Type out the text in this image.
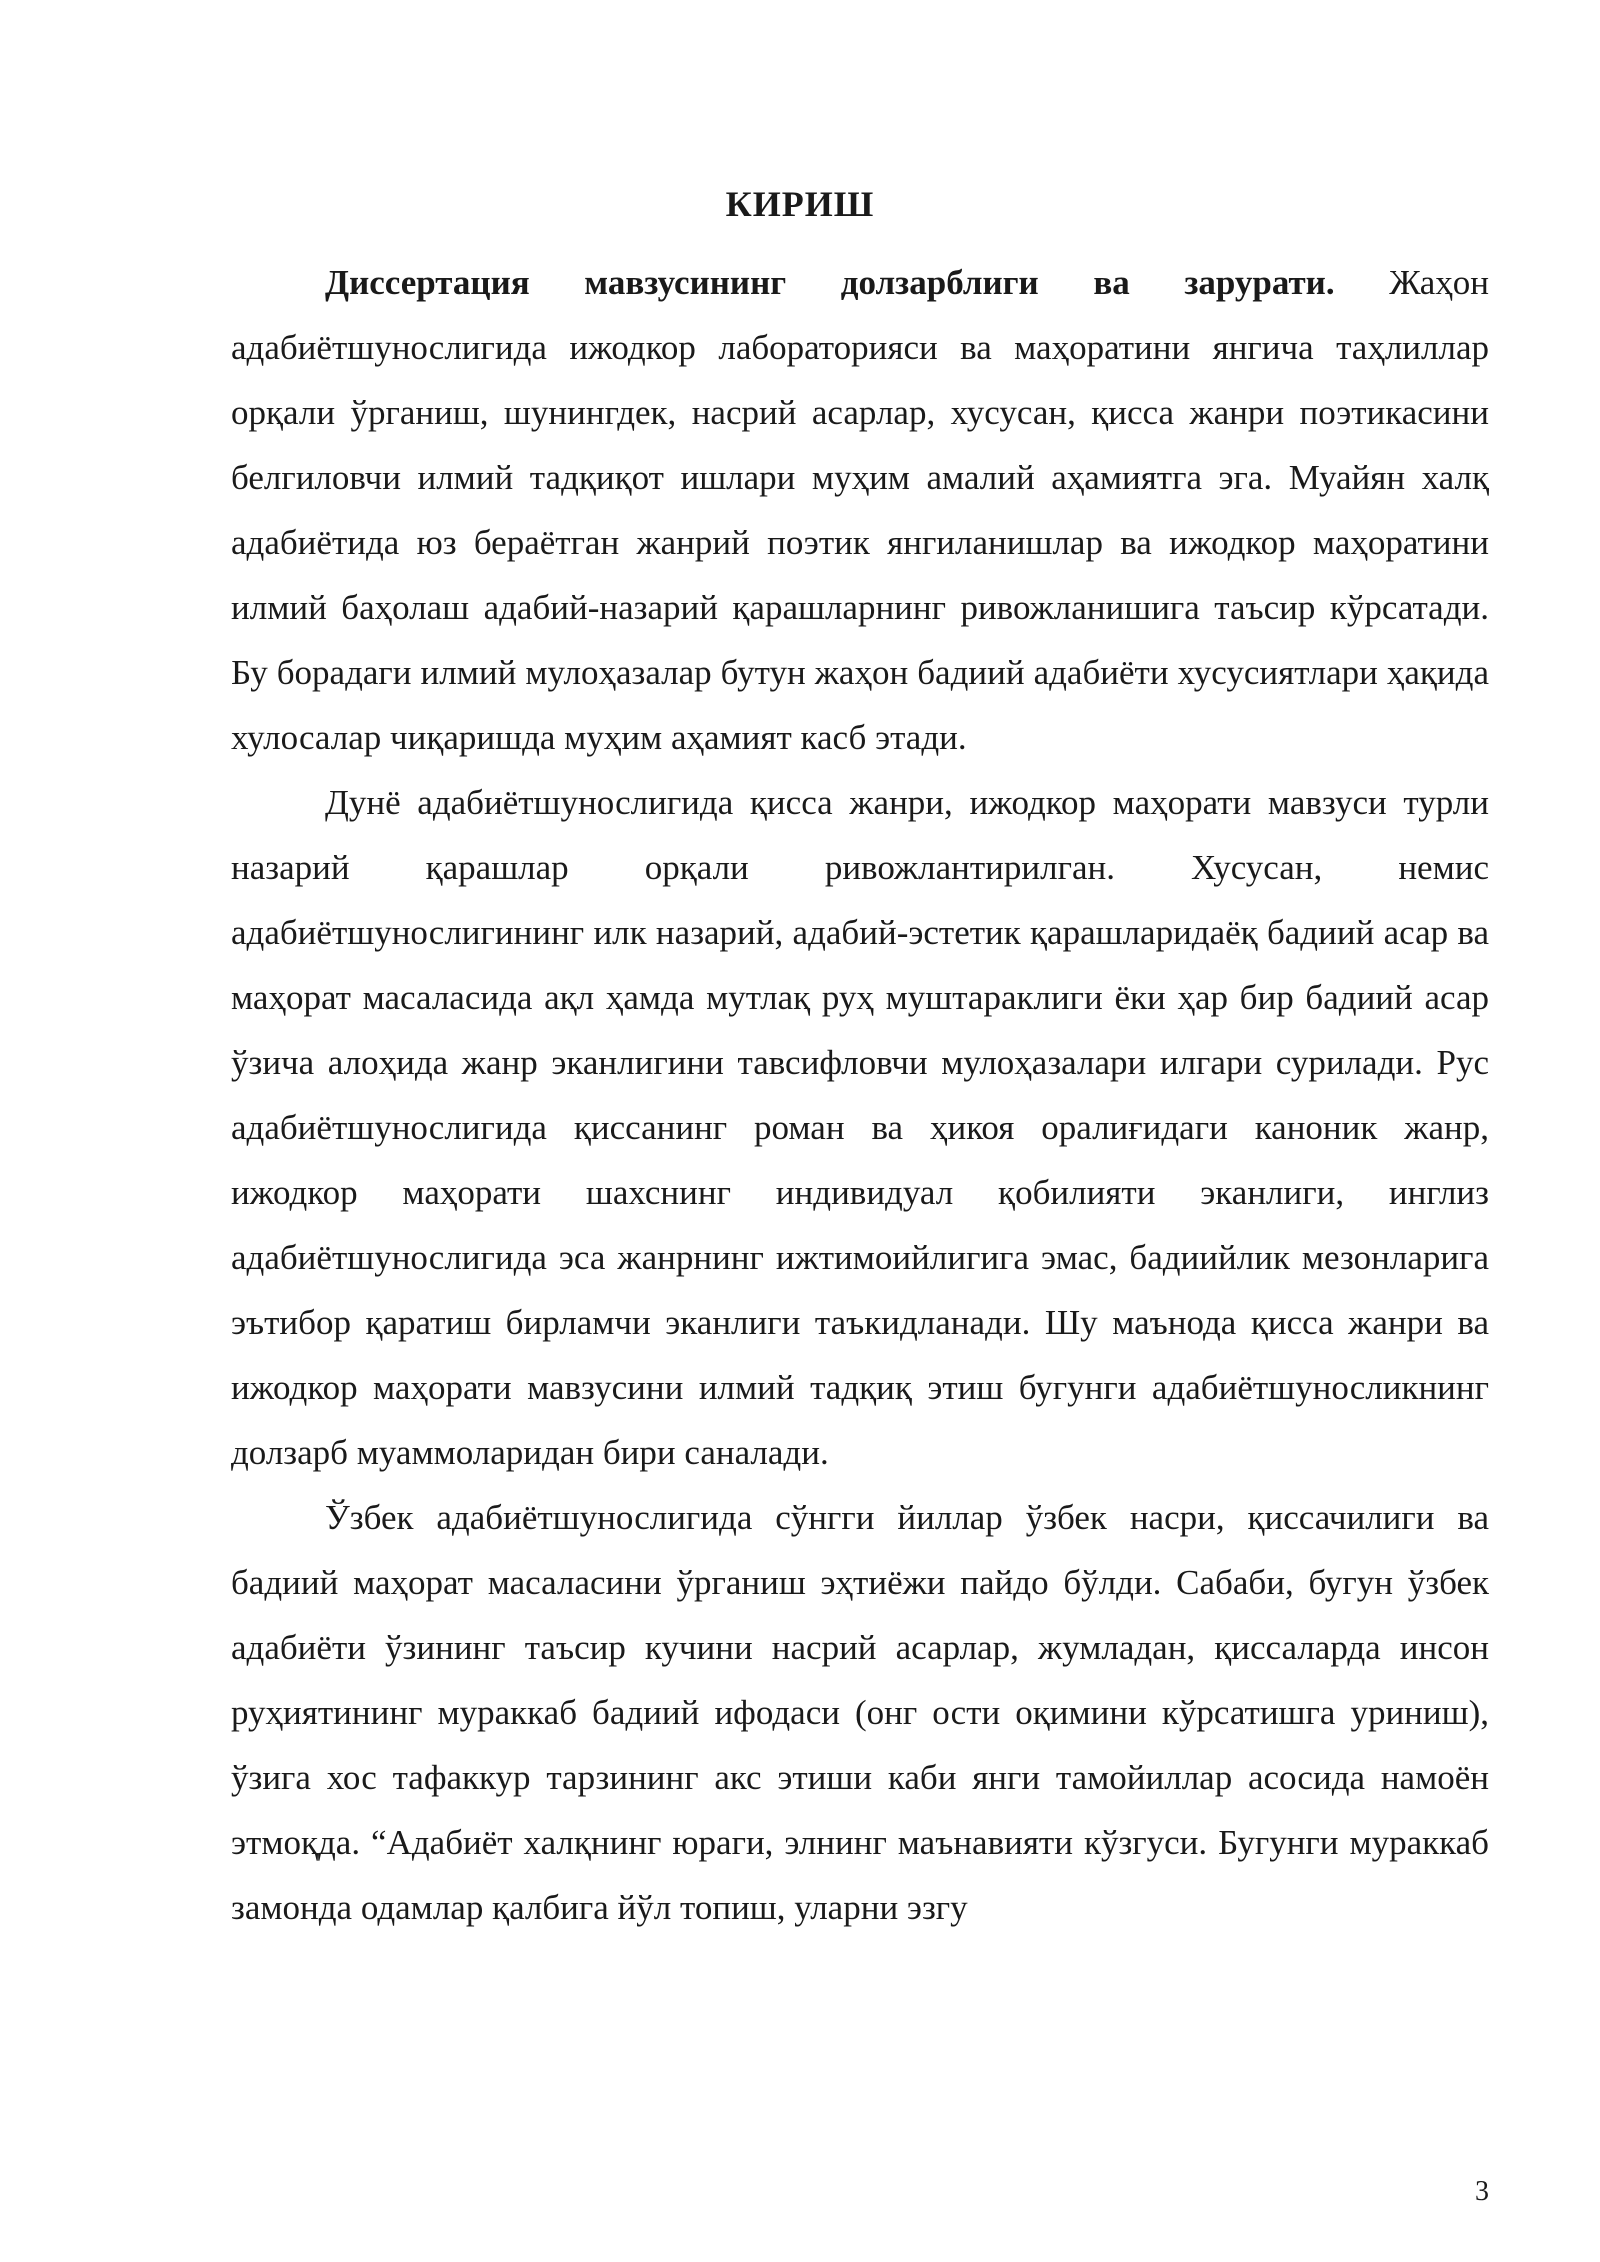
КИРИШ

Диссертация мавзусининг долзарблиги ва зарурати. Жаҳон адабиётшунослигида ижодкор лабораторияси ва маҳоратини янгича таҳлиллар орқали ўрганиш, шунингдек, насрий асарлар, хусусан, қисса жанри поэтикасини белгиловчи илмий тадқиқот ишлари муҳим амалий аҳамиятга эга. Муайян халқ адабиётида юз бераётган жанрий поэтик янгиланишлар ва ижодкор маҳоратини илмий баҳолаш адабий-назарий қарашларнинг ривожланишига таъсир кўрсатади. Бу борадаги илмий мулоҳазалар бутун жаҳон бадиий адабиёти хусусиятлари ҳақида хулосалар чиқаришда муҳим аҳамият касб этади.

Дунё адабиётшунослигида қисса жанри, ижодкор маҳорати мавзуси турли назарий қарашлар орқали ривожлантирилган. Хусусан, немис адабиётшунослигининг илк назарий, адабий-эстетик қарашларидаёқ бадиий асар ва маҳорат масаласида ақл ҳамда мутлақ руҳ муштараклиги ёки ҳар бир бадиий асар ўзича алоҳида жанр эканлигини тавсифловчи мулоҳазалари илгари сурилади. Рус адабиётшунослигида қиссанинг роман ва ҳикоя оралиғидаги каноник жанр, ижодкор маҳорати шахснинг индивидуал қобилияти эканлиги, инглиз адабиётшунослигида эса жанрнинг ижтимоийлигига эмас, бадиийлик мезонларига эътибор қаратиш бирламчи эканлиги таъкидланади. Шу маънода қисса жанри ва ижодкор маҳорати мавзусини илмий тадқиқ этиш бугунги адабиётшуносликнинг долзарб муаммоларидан бири саналади.

Ўзбек адабиётшунослигида сўнгги йиллар ўзбек насри, қиссачилиги ва бадиий маҳорат масаласини ўрганиш эҳтиёжи пайдо бўлди. Сабаби, бугун ўзбек адабиёти ўзининг таъсир кучини насрий асарлар, жумладан, қиссаларда инсон руҳиятининг мураккаб бадиий ифодаси (онг ости оқимини кўрсатишга уриниш), ўзига хос тафаккур тарзининг акс этиши каби янги тамойиллар асосида намоён этмоқда. “Адабиёт халқнинг юраги, элнинг маънавияти кўзгуси. Бугунги мураккаб замонда одамлар қалбига йўл топиш, уларни эзгу

3
